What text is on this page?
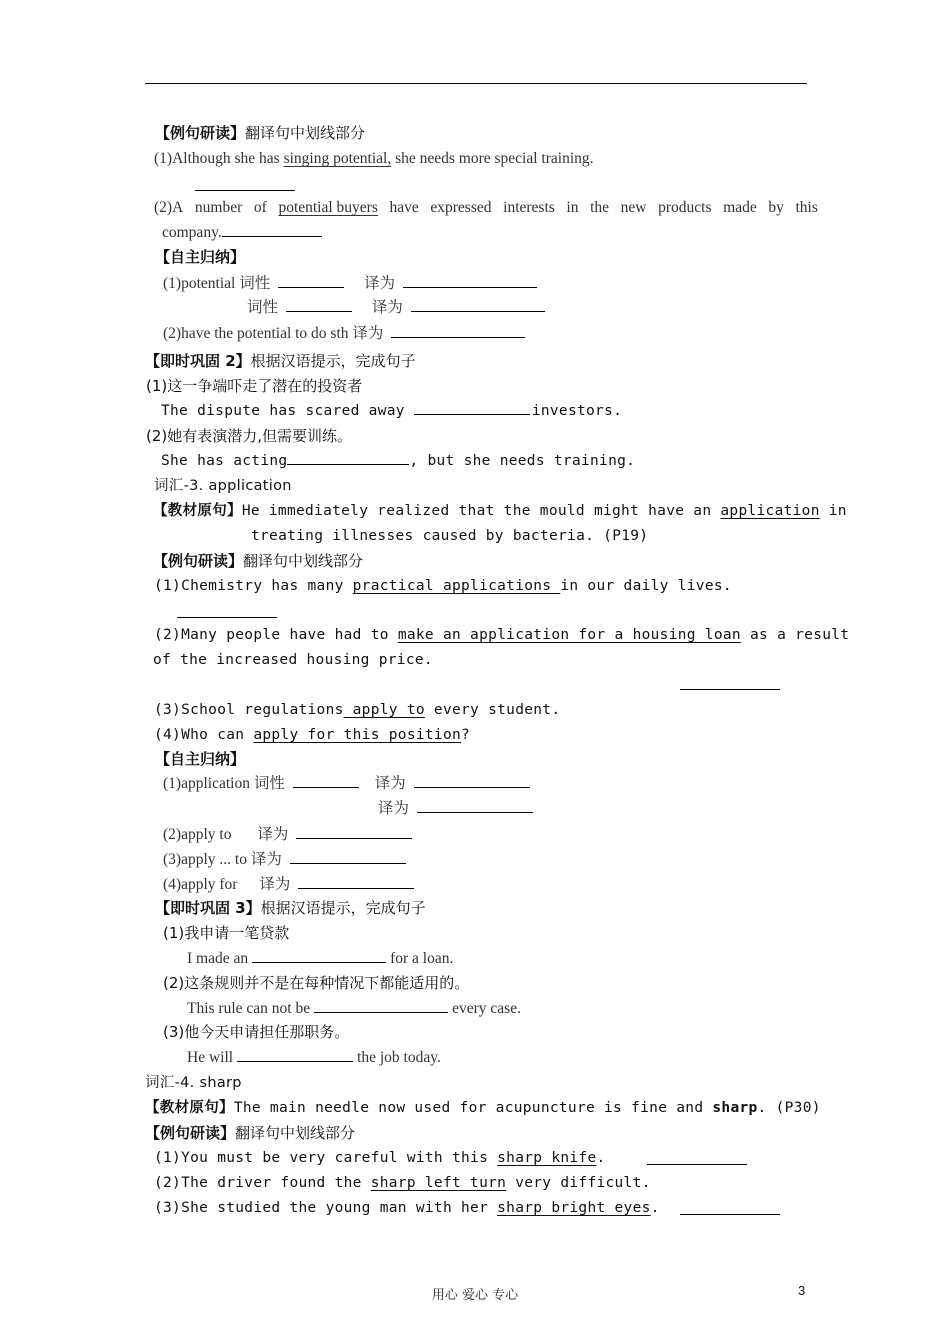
【例句研读】翻译句中划线部分
(1)Although she has singing potential, she needs more special training.
(2)A number of potential buyers have expressed interests in the new products made by this
company.
【自主归纳】
(1)potential 词性	译为
词性	译为
(2)have the potential to do sth 译为
【即时巩固 2】根据汉语提示，完成句子
(1)这一争端吓走了潜在的投资者
The dispute has scared away	investors.
(2)她有表演潜力,但需要训练。
She has acting	, but she needs training.
词汇-3. application
【教材原句】He immediately realized that the mould might have an application in
treating illnesses caused by bacteria. (P19)
【例句研读】翻译句中划线部分
(1)Chemistry has many practical applications in our daily lives.
(2)Many people have had to make an application for a housing loan as a result
of the increased housing price.
(3)School regulations apply to every student.
(4)Who can apply for this position?
【自主归纳】
(1)application 词性	译为
译为
(2)apply to 译为
(3)apply ... to 译为
(4)apply for 译为
【即时巩固 3】根据汉语提示，完成句子
(1)我申请一笔贷款
I made an	for a loan.
(2)这条规则并不是在每种情况下都能适用的。
This rule can not be	every case.
(3)他今天申请担任那职务。
He will	the job today.
词汇-4. sharp
【教材原句】The main needle now used for acupuncture is fine and sharp. (P30)
【例句研读】翻译句中划线部分
(1)You must be very careful with this sharp knife.
(2)The driver found the sharp left turn very difficult.
(3)She studied the young man with her sharp bright eyes.
用心 爱心 专心	3
